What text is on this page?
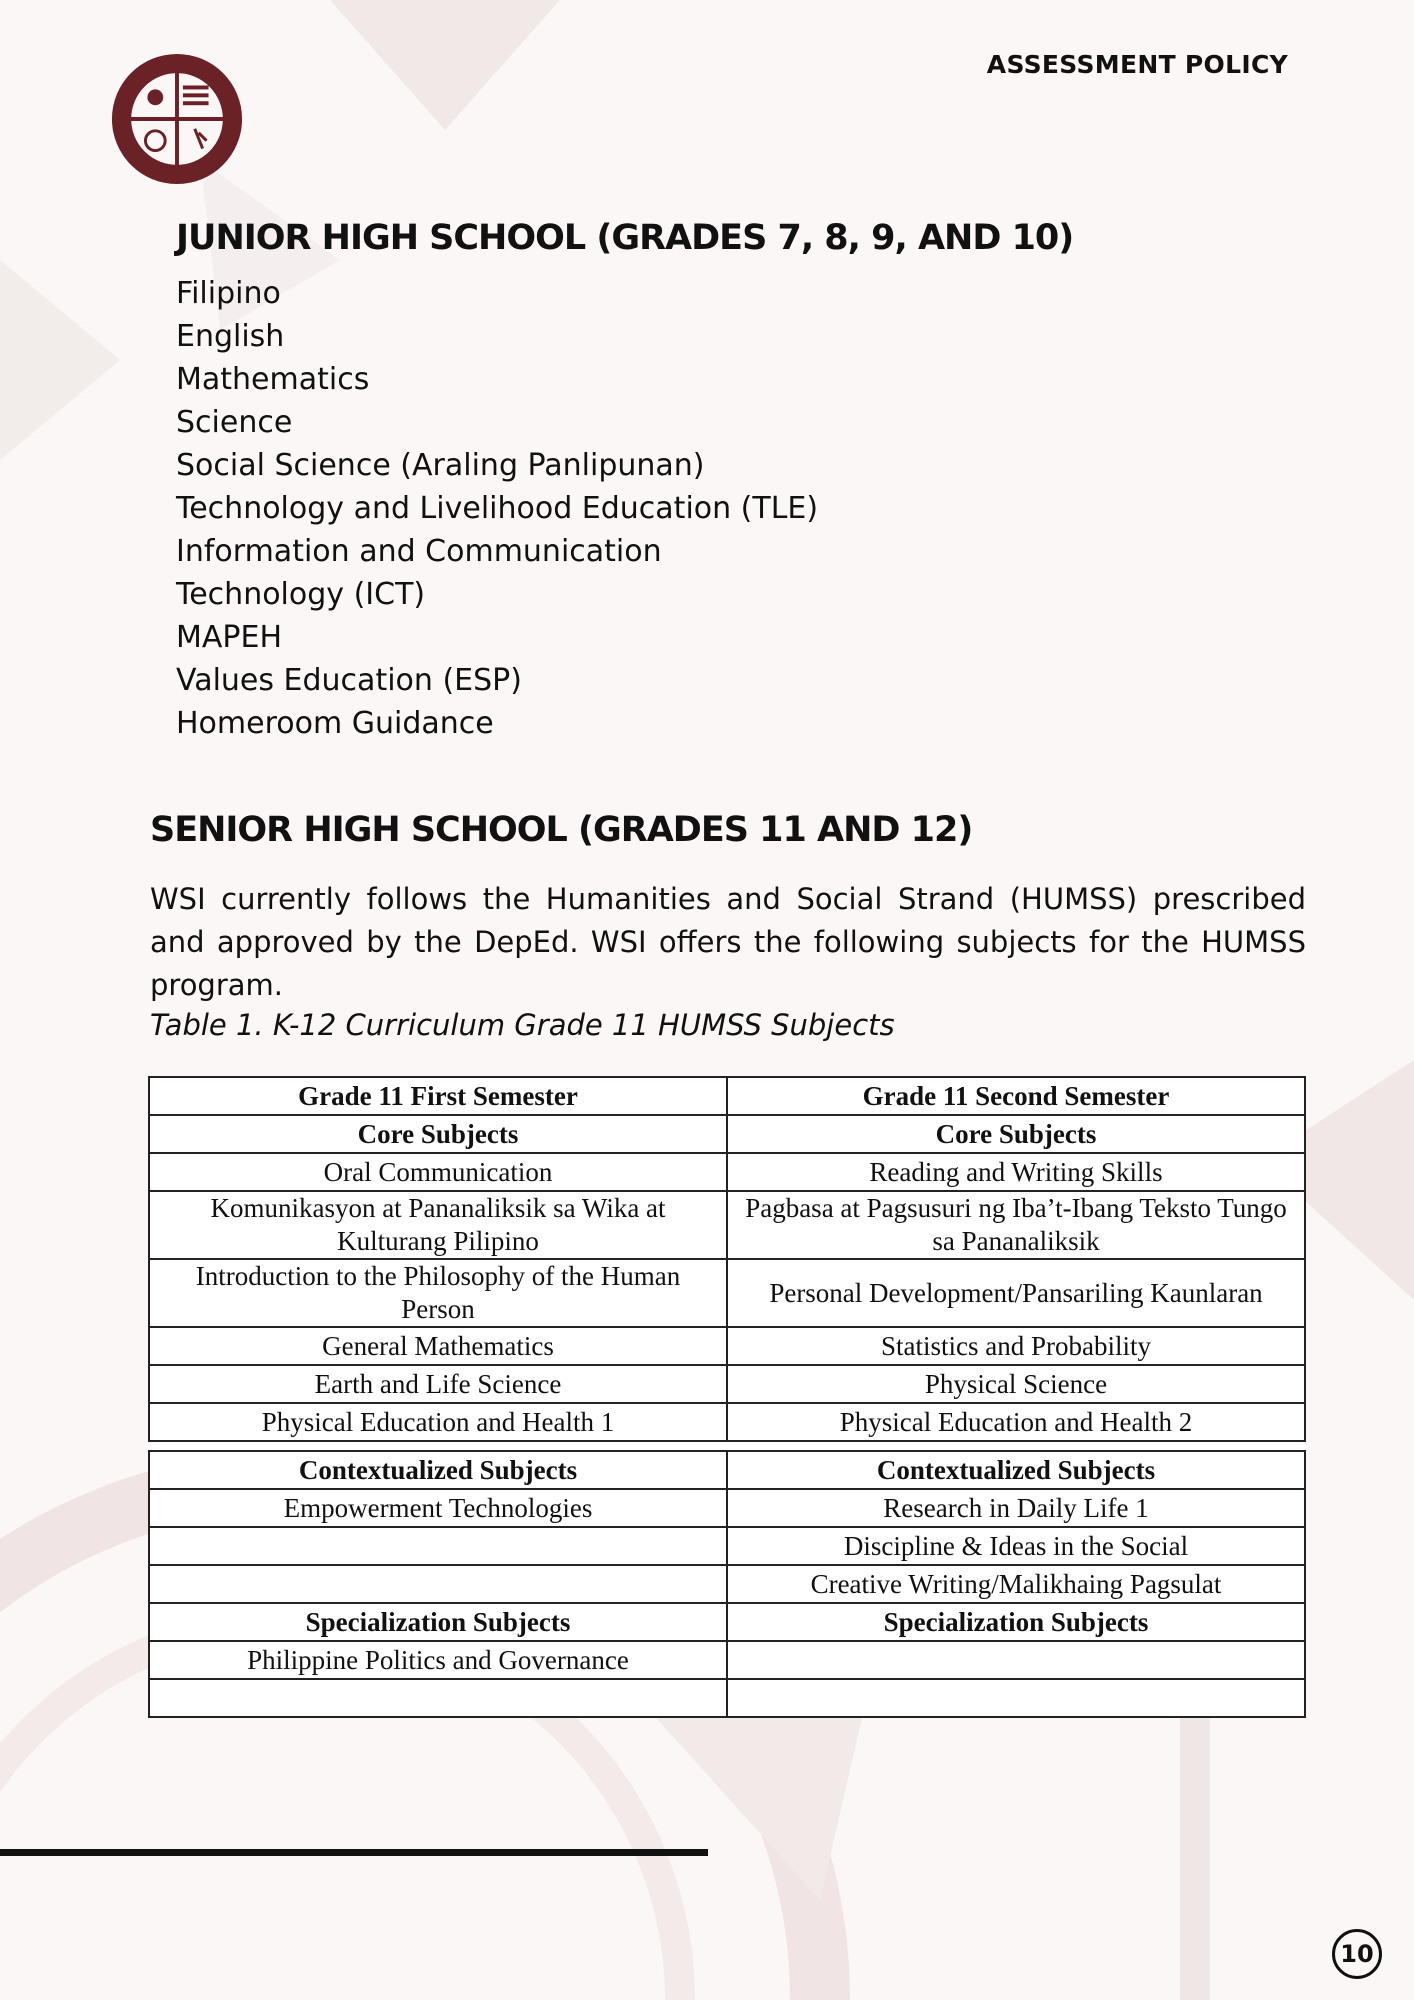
ASSESSMENT POLICY
JUNIOR HIGH SCHOOL (GRADES 7, 8, 9, AND 10)
Filipino
English
Mathematics
Science
Social Science (Araling Panlipunan)
Technology and Livelihood Education (TLE)
Information and Communication
Technology (ICT)
MAPEH
Values Education (ESP)
Homeroom Guidance
SENIOR HIGH SCHOOL (GRADES 11 AND 12)

WSI currently follows the Humanities and Social Strand (HUMSS) prescribed and approved by the DepEd. WSI offers the following subjects for the HUMSS program.

Table 1. K-12 Curriculum Grade 11 HUMSS Subjects

Grade 11 First Semester	Grade 11 Second Semester
Core Subjects	Core Subjects
Oral Communication	Reading and Writing Skills
Komunikasyon at Pananaliksik sa Wika at Kulturang Pilipino	Pagbasa at Pagsusuri ng Iba’t-Ibang Teksto Tungo sa Pananaliksik
Introduction to the Philosophy of the Human Person	Personal Development/Pansariling Kaunlaran
General Mathematics	Statistics and Probability
Earth and Life Science	Physical Science
Physical Education and Health 1	Physical Education and Health 2
Contextualized Subjects	Contextualized Subjects
Empowerment Technologies	Research in Daily Life 1
	Discipline & Ideas in the Social
	Creative Writing/Malikhaing Pagsulat
Specialization Subjects	Specialization Subjects
Philippine Politics and Governance	

10
